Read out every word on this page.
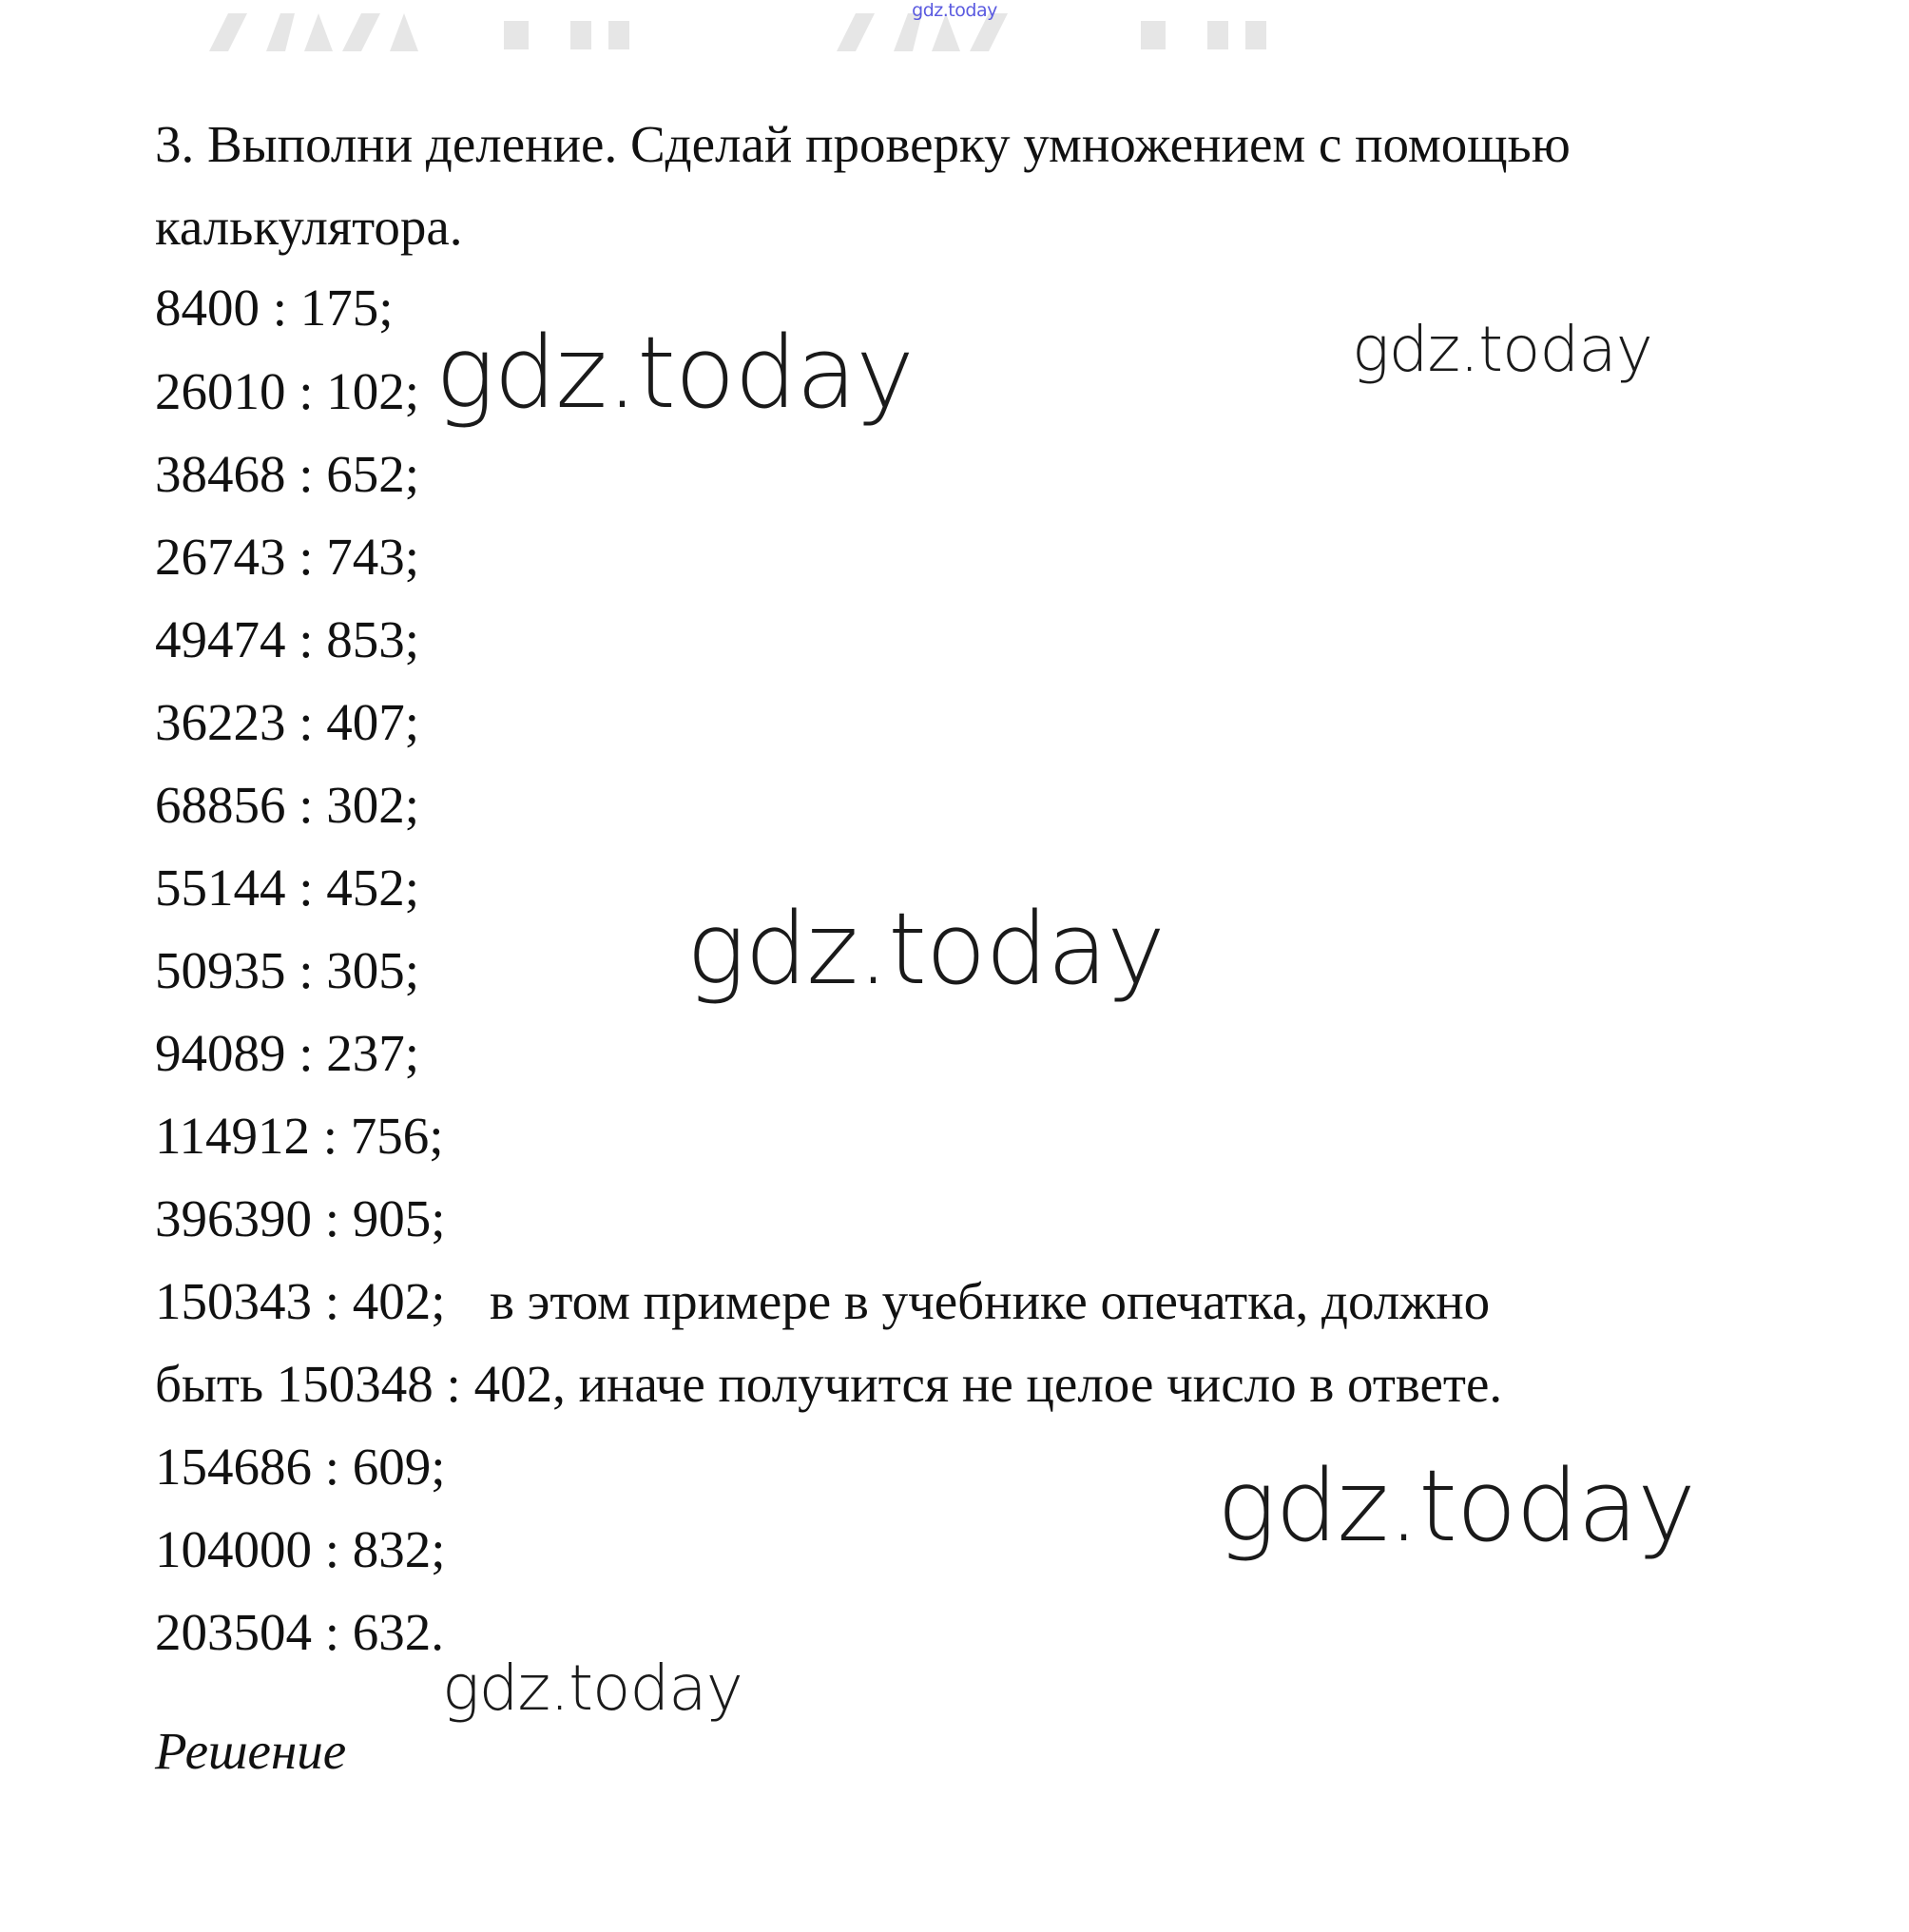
gdz.today
3. Выполни деление. Сделай проверку умножением с помощью
калькулятора.
8400 : 175;
26010 : 102;
38468 : 652;
26743 : 743;
49474 : 853;
36223 : 407;
68856 : 302;
55144 : 452;
50935 : 305;
94089 : 237;
114912 : 756;
396390 : 905;
150343 : 402; в этом примере в учебнике опечатка, должно
быть 150348 : 402, иначе получится не целое число в ответе.
154686 : 609;
104000 : 832;
203504 : 632.
Решение
gdz.today	gdz.today
gdz.today
gdz.today
gdz.today
